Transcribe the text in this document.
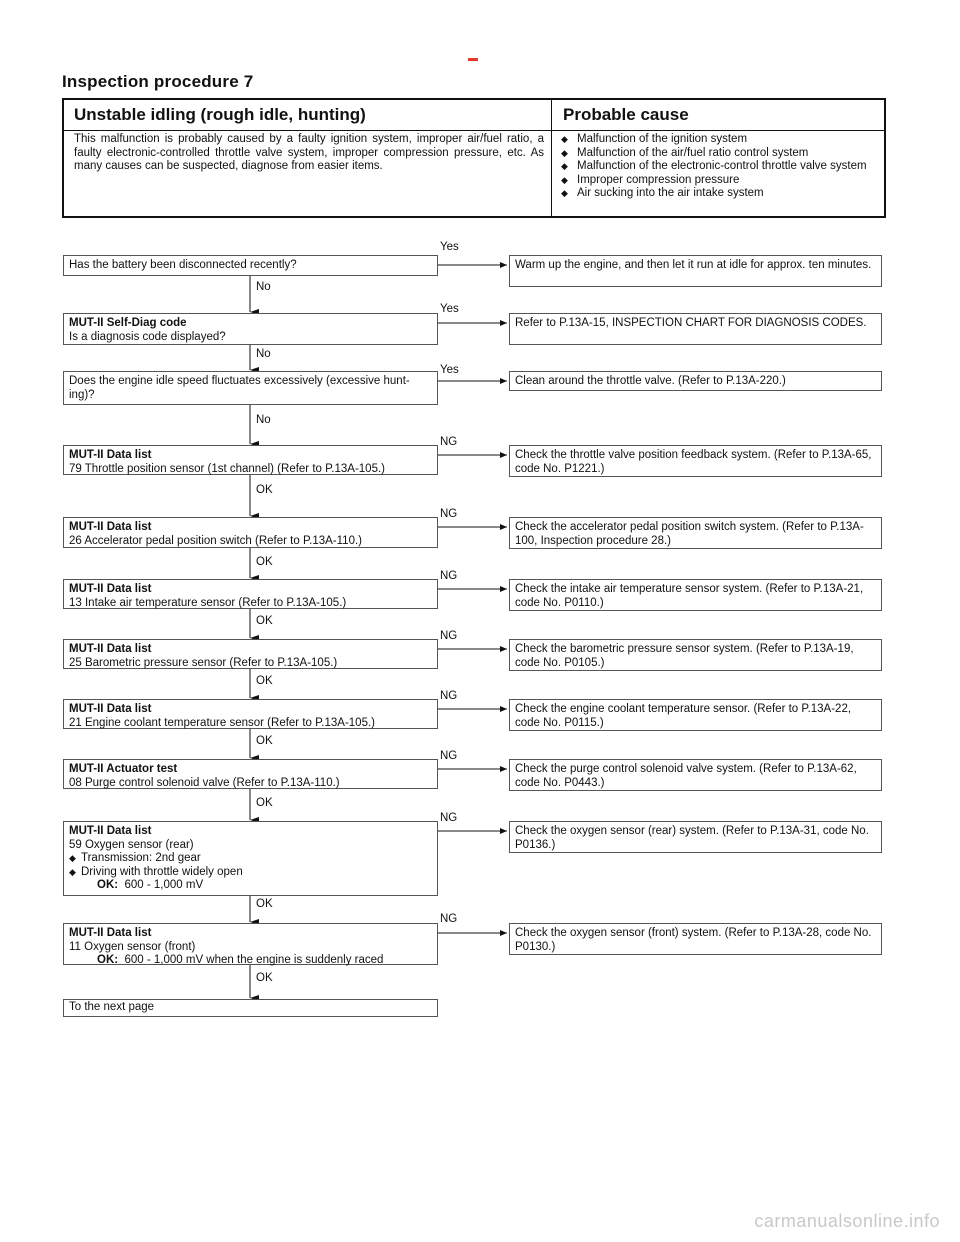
Inspection procedure 7
Unstable idling (rough idle, hunting)	Probable cause
This malfunction is probably caused by a faulty ignition system, improper air/fuel ratio, a faulty electronic-controlled throttle valve system, improper compression pressure, etc. As many causes can be suspected, diagnose from easier items.
◆ Malfunction of the ignition system
◆ Malfunction of the air/fuel ratio control system
◆ Malfunction of the electronic-control throttle valve system
◆ Improper compression pressure
◆ Air sucking into the air intake system
Has the battery been disconnected recently?
MUT-II Self-Diag code
Is a diagnosis code displayed?
Does the engine idle speed fluctuates excessively (excessive hunt-ing)?
MUT-II Data list
79 Throttle position sensor (1st channel) (Refer to P.13A-105.)
MUT-II Data list
26 Accelerator pedal position switch (Refer to P.13A-110.)
MUT-II Data list
13 Intake air temperature sensor (Refer to P.13A-105.)
MUT-II Data list
25 Barometric pressure sensor (Refer to P.13A-105.)
MUT-II Data list
21 Engine coolant temperature sensor (Refer to P.13A-105.)
MUT-II Actuator test
08 Purge control solenoid valve (Refer to P.13A-110.)
MUT-II Data list
59 Oxygen sensor (rear)
◆ Transmission: 2nd gear
◆ Driving with throttle widely open
OK: 600 - 1,000 mV
MUT-II Data list
11 Oxygen sensor (front)
OK: 600 - 1,000 mV when the engine is suddenly raced
To the next page
Warm up the engine, and then let it run at idle for approx. ten minutes.
Refer to P.13A-15, INSPECTION CHART FOR DIAGNOSIS CODES.
Clean around the throttle valve. (Refer to P.13A-220.)
Check the throttle valve position feedback system. (Refer to P.13A-65, code No. P1221.)
Check the accelerator pedal position switch system. (Refer to P.13A-100, Inspection procedure 28.)
Check the intake air temperature sensor system. (Refer to P.13A-21, code No. P0110.)
Check the barometric pressure sensor system. (Refer to P.13A-19, code No. P0105.)
Check the engine coolant temperature sensor. (Refer to P.13A-22, code No. P0115.)
Check the purge control solenoid valve system. (Refer to P.13A-62, code No. P0443.)
Check the oxygen sensor (rear) system. (Refer to P.13A-31, code No. P0136.)
Check the oxygen sensor (front) system. (Refer to P.13A-28, code No. P0130.)
Yes
Yes
Yes
NG
NG
NG
NG
NG
NG
NG
NG
No
No
No
OK
OK
OK
OK
OK
OK
OK
OK
carmanualsonline.info
